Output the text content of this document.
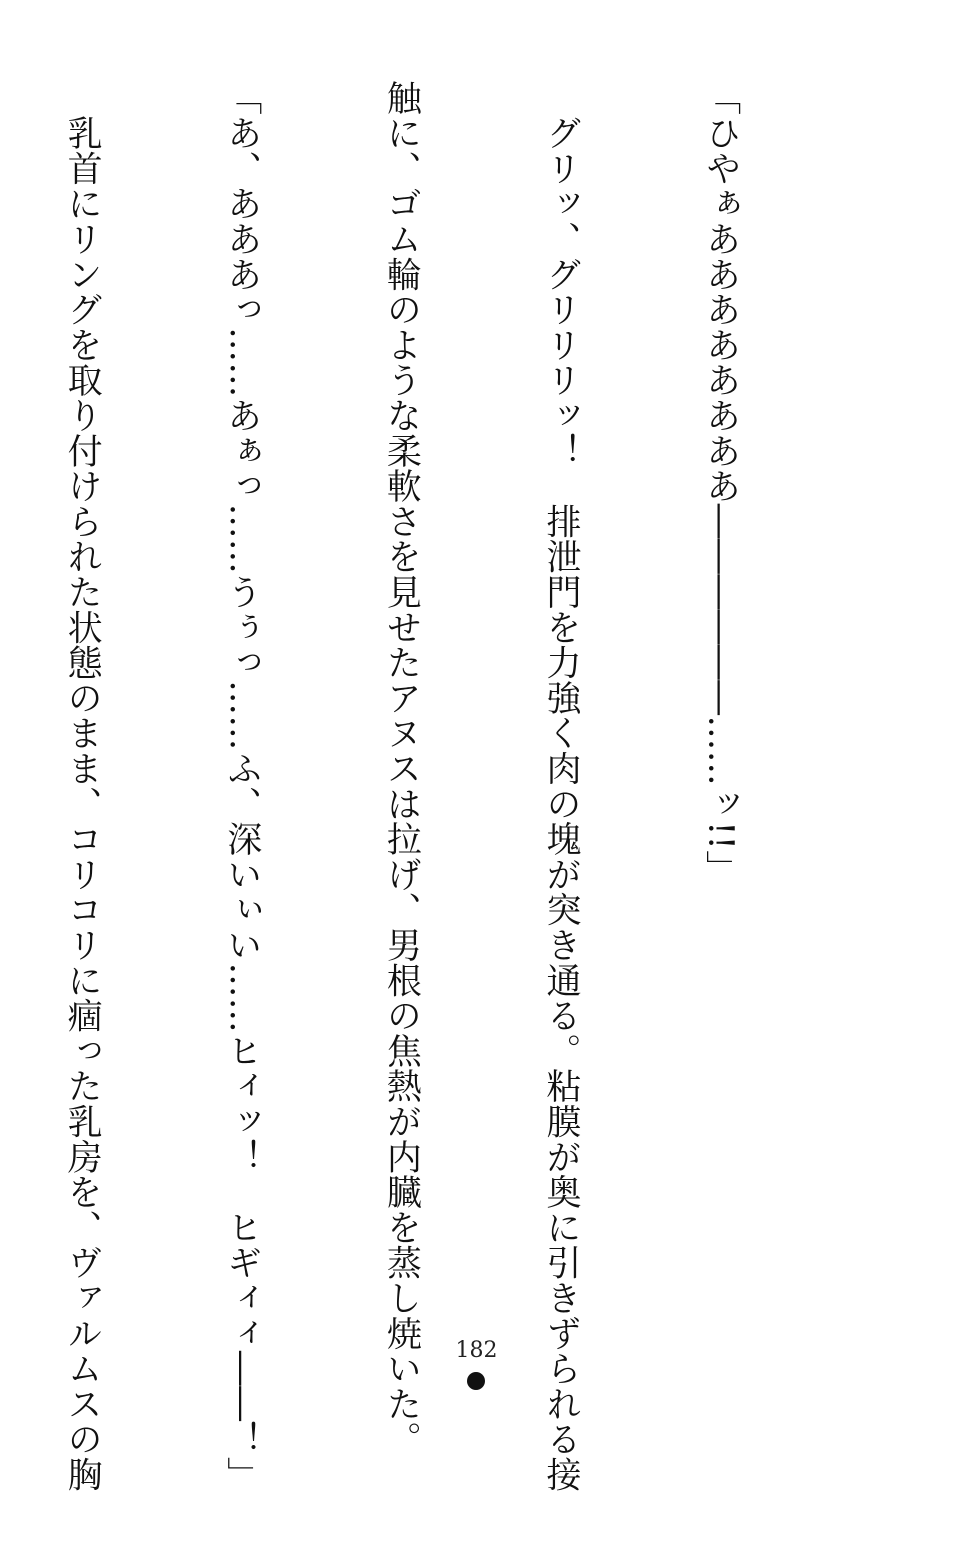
「ひやぁああああああああ――――――……ッ!!」

　グリッ、グリリリッ！　排泄門を力強く肉の塊が突き通る。粘膜が奥に引きずられる接

触に、ゴム輪のような柔軟さを見せたアヌスは拉げ、男根の焦熱が内臓を蒸し焼いた。

「あ、あああっ……あぁっ……うぅっ……ふ、深いぃい……ヒィッ！　ヒギィィ――！」

　乳首にリングを取り付けられた状態のまま、コリコリに痼った乳房を、ヴァルムスの胸

	182
